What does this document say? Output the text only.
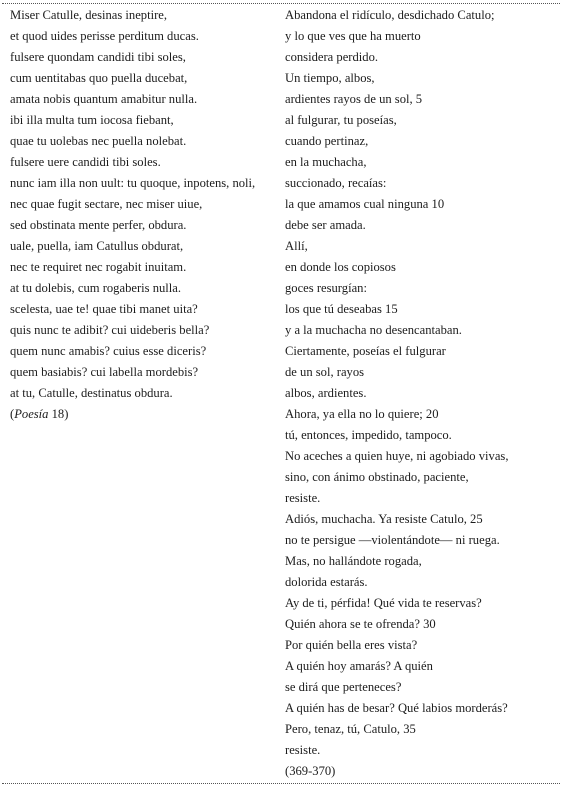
Miser Catulle, desinas ineptire,
et quod uides perisse perditum ducas.
fulsere quondam candidi tibi soles,
cum uentitabas quo puella ducebat,
amata nobis quantum amabitur nulla.
ibi illa multa tum iocosa fiebant,
quae tu uolebas nec puella nolebat.
fulsere uere candidi tibi soles.
nunc iam illa non uult: tu quoque, inpotens, noli,
nec quae fugit sectare, nec miser uiue,
sed obstinata mente perfer, obdura.
uale, puella, iam Catullus obdurat,
nec te requiret nec rogabit inuitam.
at tu dolebis, cum rogaberis nulla.
scelesta, uae te! quae tibi manet uita?
quis nunc te adibit? cui uideberis bella?
quem nunc amabis? cuius esse diceris?
quem basiabis? cui labella mordebis?
at tu, Catulle, destinatus obdura.
(Poesía 18)
Abandona el ridículo, desdichado Catulo;
y lo que ves que ha muerto
considera perdido.
Un tiempo, albos,
ardientes rayos de un sol, 5
al fulgurar, tu poseías,
cuando pertinaz,
en la muchacha,
succionado, recaías:
la que amamos cual ninguna 10
debe ser amada.
Allí,
en donde los copiosos
goces resurgían:
los que tú deseabas 15
y a la muchacha no desencantaban.
Ciertamente, poseías el fulgurar
de un sol, rayos
albos, ardientes.
Ahora, ya ella no lo quiere; 20
tú, entonces, impedido, tampoco.
No aceches a quien huye, ni agobiado vivas,
sino, con ánimo obstinado, paciente,
resiste.
Adiós, muchacha. Ya resiste Catulo, 25
no te persigue —violentándote— ni ruega.
Mas, no hallándote rogada,
dolorida estarás.
Ay de ti, pérfida! Qué vida te reservas?
Quién ahora se te ofrenda? 30
Por quién bella eres vista?
A quién hoy amarás? A quién
se dirá que perteneces?
A quién has de besar? Qué labios morderás?
Pero, tenaz, tú, Catulo, 35
resiste.
(369-370)
